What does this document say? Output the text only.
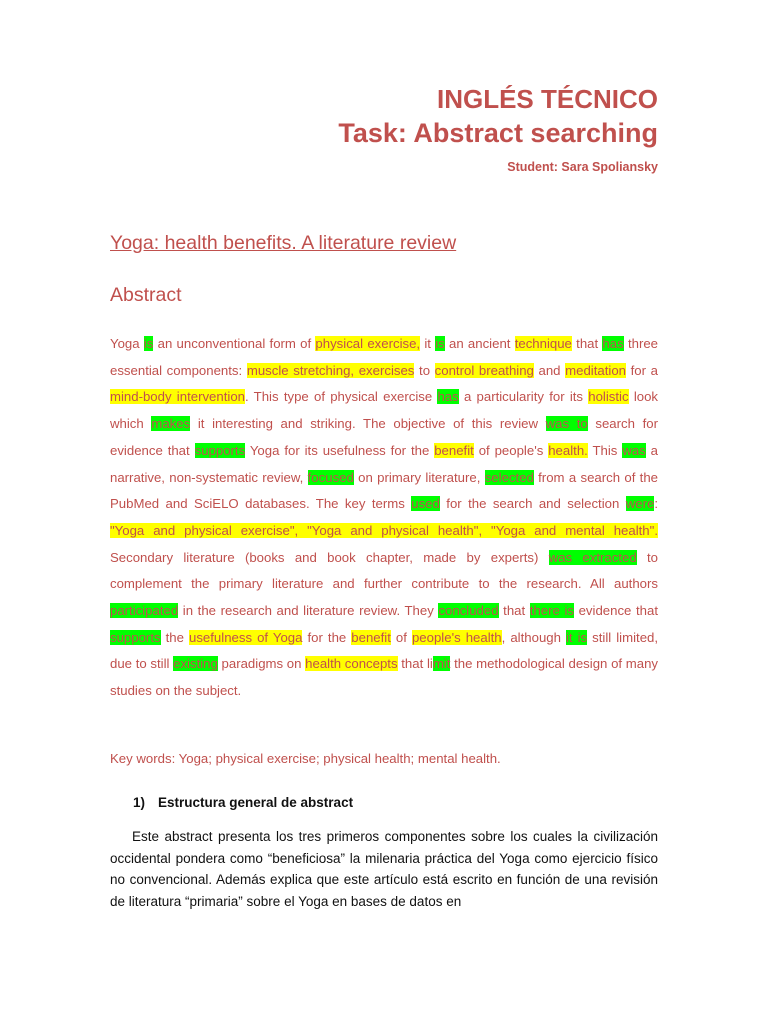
INGLÉS TÉCNICO
Task: Abstract searching
Student: Sara Spoliansky
Yoga: health benefits. A literature review
Abstract
Yoga is an unconventional form of physical exercise, it is an ancient technique that has three essential components: muscle stretching, exercises to control breathing and meditation for a mind-body intervention. This type of physical exercise has a particularity for its holistic look which makes it interesting and striking. The objective of this review was to search for evidence that supports Yoga for its usefulness for the benefit of people's health. This was a narrative, non-systematic review, focused on primary literature, selected from a search of the PubMed and SciELO databases. The key terms used for the search and selection were: "Yoga and physical exercise", "Yoga and physical health", "Yoga and mental health". Secondary literature (books and book chapter, made by experts) was extracted to complement the primary literature and further contribute to the research. All authors participated in the research and literature review. They concluded that there is evidence that supports the usefulness of Yoga for the benefit of people's health, although it is still limited, due to still existing paradigms on health concepts that limit the methodological design of many studies on the subject.
Key words: Yoga; physical exercise; physical health; mental health.
1) Estructura general de abstract
Este abstract presenta los tres primeros componentes sobre los cuales la civilización occidental pondera como “beneficiosa” la milenaria práctica del Yoga como ejercicio físico no convencional. Además explica que este artículo está escrito en función de una revisión de literatura “primaria” sobre el Yoga en bases de datos en
